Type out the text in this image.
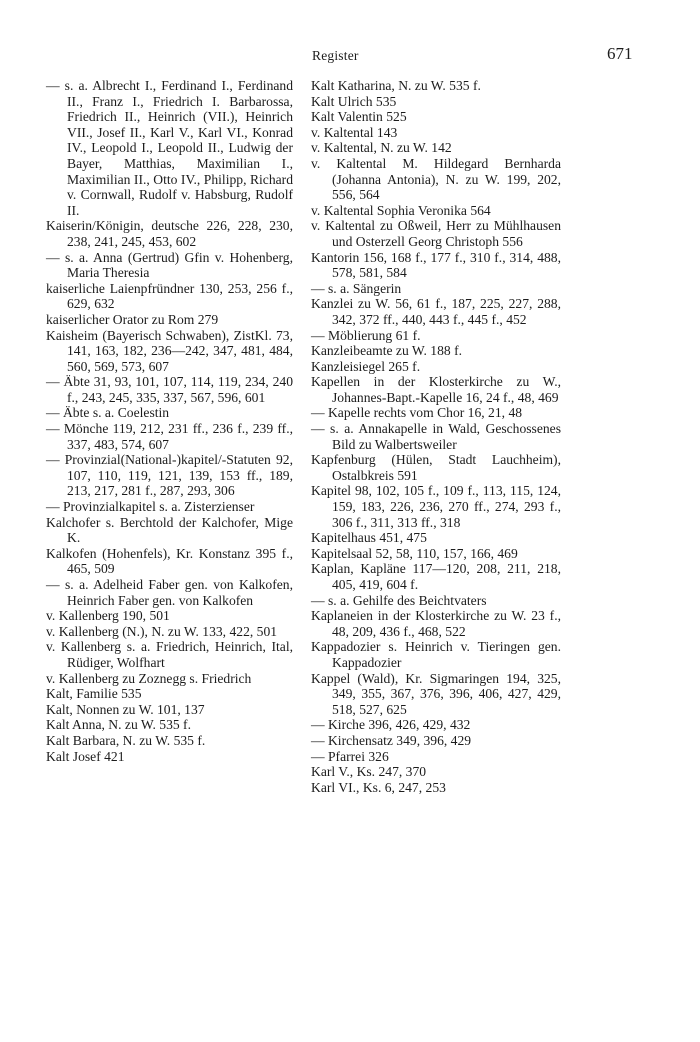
Register	671

— s. a. Albrecht I., Ferdinand I., Ferdinand II., Franz I., Friedrich I. Barbarossa, Friedrich II., Heinrich (VII.), Heinrich VII., Josef II., Karl V., Karl VI., Konrad IV., Leopold I., Leopold II., Ludwig der Bayer, Matthias, Maximilian I., Maximilian II., Otto IV., Philipp, Richard v. Cornwall, Rudolf v. Habsburg, Rudolf II.

Kaiserin/Königin, deutsche 226, 228, 230, 238, 241, 245, 453, 602

— s. a. Anna (Gertrud) Gfin v. Hohenberg, Maria Theresia

kaiserliche Laienpfründner 130, 253, 256 f., 629, 632

kaiserlicher Orator zu Rom 279

Kaisheim (Bayerisch Schwaben), ZistKl. 73, 141, 163, 182, 236—242, 347, 481, 484, 560, 569, 573, 607

— Äbte 31, 93, 101, 107, 114, 119, 234, 240 f., 243, 245, 335, 337, 567, 596, 601

— Äbte s. a. Coelestin

— Mönche 119, 212, 231 ff., 236 f., 239 ff., 337, 483, 574, 607

— Provinzial(National-)kapitel/-Statuten 92, 107, 110, 119, 121, 139, 153 ff., 189, 213, 217, 281 f., 287, 293, 306

— Provinzialkapitel s. a. Zisterzienser

Kalchofer s. Berchtold der Kalchofer, Mige K.

Kalkofen (Hohenfels), Kr. Konstanz 395 f., 465, 509

— s. a. Adelheid Faber gen. von Kalkofen, Heinrich Faber gen. von Kalkofen

v. Kallenberg 190, 501

v. Kallenberg (N.), N. zu W. 133, 422, 501

v. Kallenberg s. a. Friedrich, Heinrich, Ital, Rüdiger, Wolfhart

v. Kallenberg zu Zoznegg s. Friedrich

Kalt, Familie 535

Kalt, Nonnen zu W. 101, 137

Kalt Anna, N. zu W. 535 f.

Kalt Barbara, N. zu W. 535 f.

Kalt Josef 421

Kalt Katharina, N. zu W. 535 f.

Kalt Ulrich 535

Kalt Valentin 525

v. Kaltental 143

v. Kaltental, N. zu W. 142

v. Kaltental M. Hildegard Bernharda (Johanna Antonia), N. zu W. 199, 202, 556, 564

v. Kaltental Sophia Veronika 564

v. Kaltental zu Oßweil, Herr zu Mühlhausen und Osterzell Georg Christoph 556

Kantorin 156, 168 f., 177 f., 310 f., 314, 488, 578, 581, 584

— s. a. Sängerin

Kanzlei zu W. 56, 61 f., 187, 225, 227, 288, 342, 372 ff., 440, 443 f., 445 f., 452

— Möblierung 61 f.

Kanzleibeamte zu W. 188 f.

Kanzleisiegel 265 f.

Kapellen in der Klosterkirche zu W., Johannes-Bapt.-Kapelle 16, 24 f., 48, 469

— Kapelle rechts vom Chor 16, 21, 48

— s. a. Annakapelle in Wald, Geschossenes Bild zu Walbertsweiler

Kapfenburg (Hülen, Stadt Lauchheim), Ostalbkreis 591

Kapitel 98, 102, 105 f., 109 f., 113, 115, 124, 159, 183, 226, 236, 270 ff., 274, 293 f., 306 f., 311, 313 ff., 318

Kapitelhaus 451, 475

Kapitelsaal 52, 58, 110, 157, 166, 469

Kaplan, Kapläne 117—120, 208, 211, 218, 405, 419, 604 f.

— s. a. Gehilfe des Beichtvaters

Kaplaneien in der Klosterkirche zu W. 23 f., 48, 209, 436 f., 468, 522

Kappadozier s. Heinrich v. Tieringen gen. Kappadozier

Kappel (Wald), Kr. Sigmaringen 194, 325, 349, 355, 367, 376, 396, 406, 427, 429, 518, 527, 625

— Kirche 396, 426, 429, 432

— Kirchensatz 349, 396, 429

— Pfarrei 326

Karl V., Ks. 247, 370

Karl VI., Ks. 6, 247, 253
